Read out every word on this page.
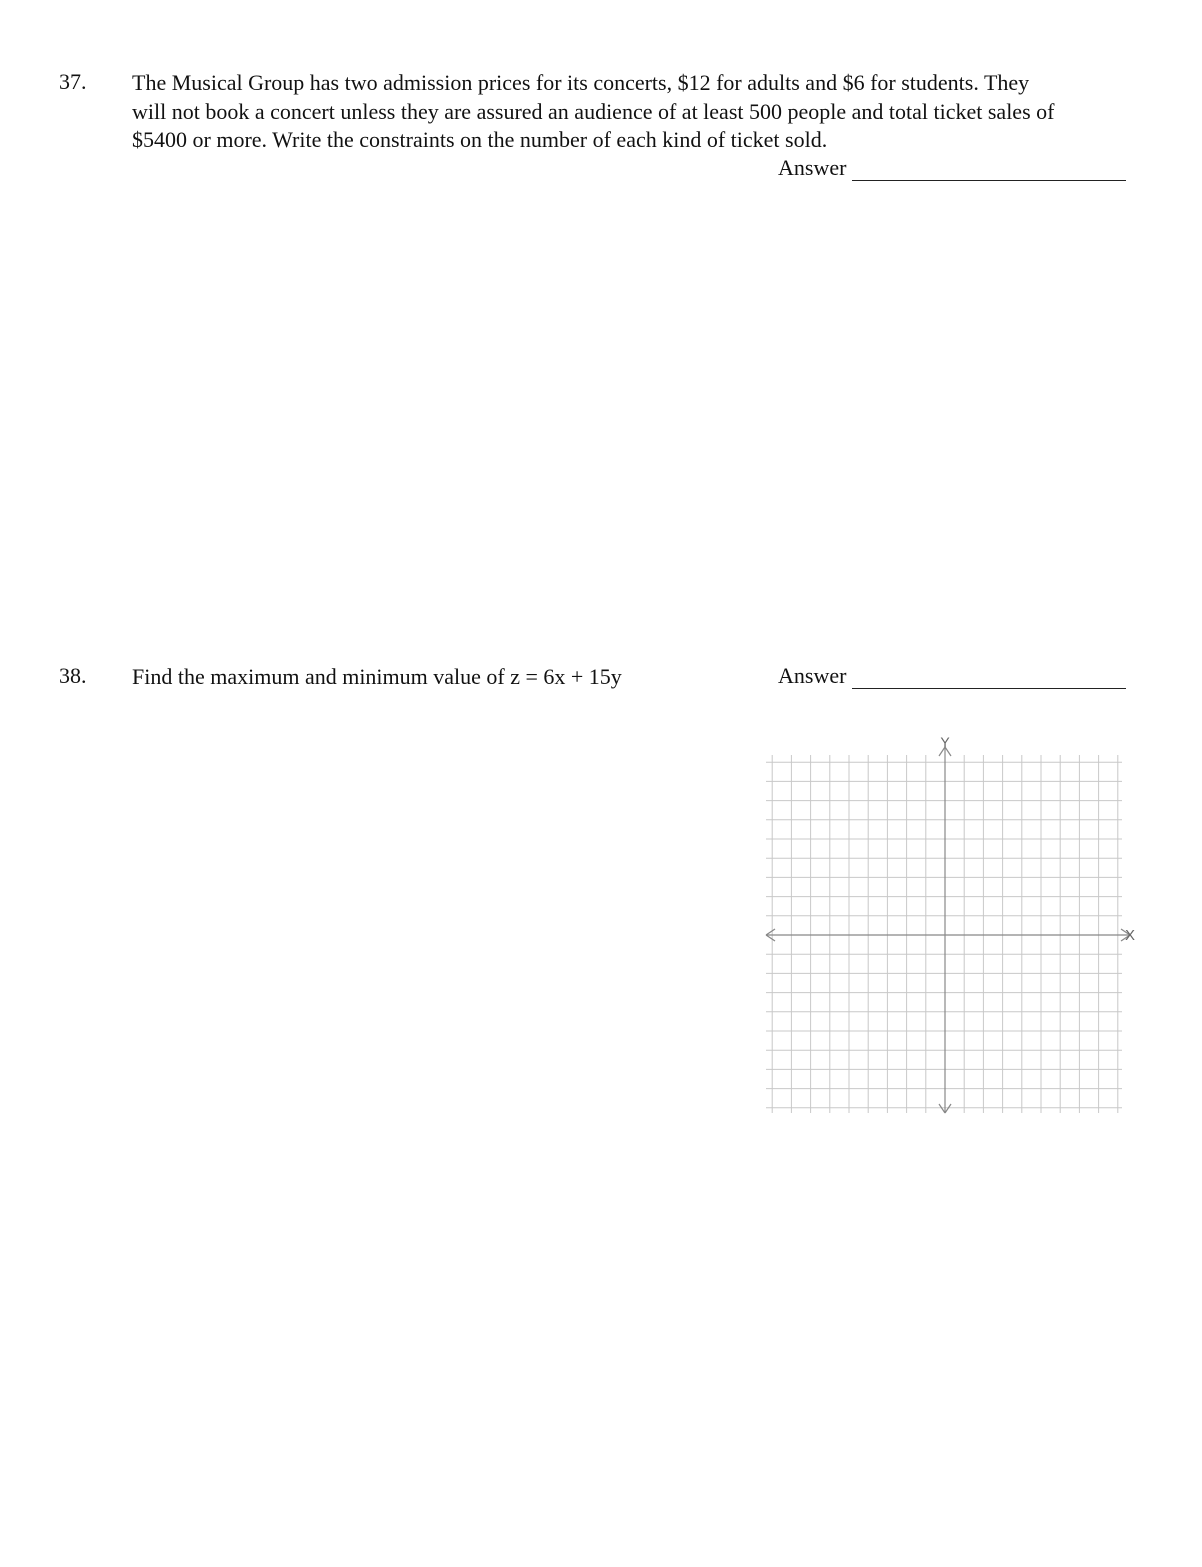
37. The Musical Group has two admission prices for its concerts, $12 for adults and $6 for students. They
will not book a concert unless they are assured an audience of at least 500 people and total ticket sales of
$5400 or more. Write the constraints on the number of each kind of ticket sold.
Answer
38. Find the maximum and minimum value of z = 6x + 15y	Answer
Y
X
